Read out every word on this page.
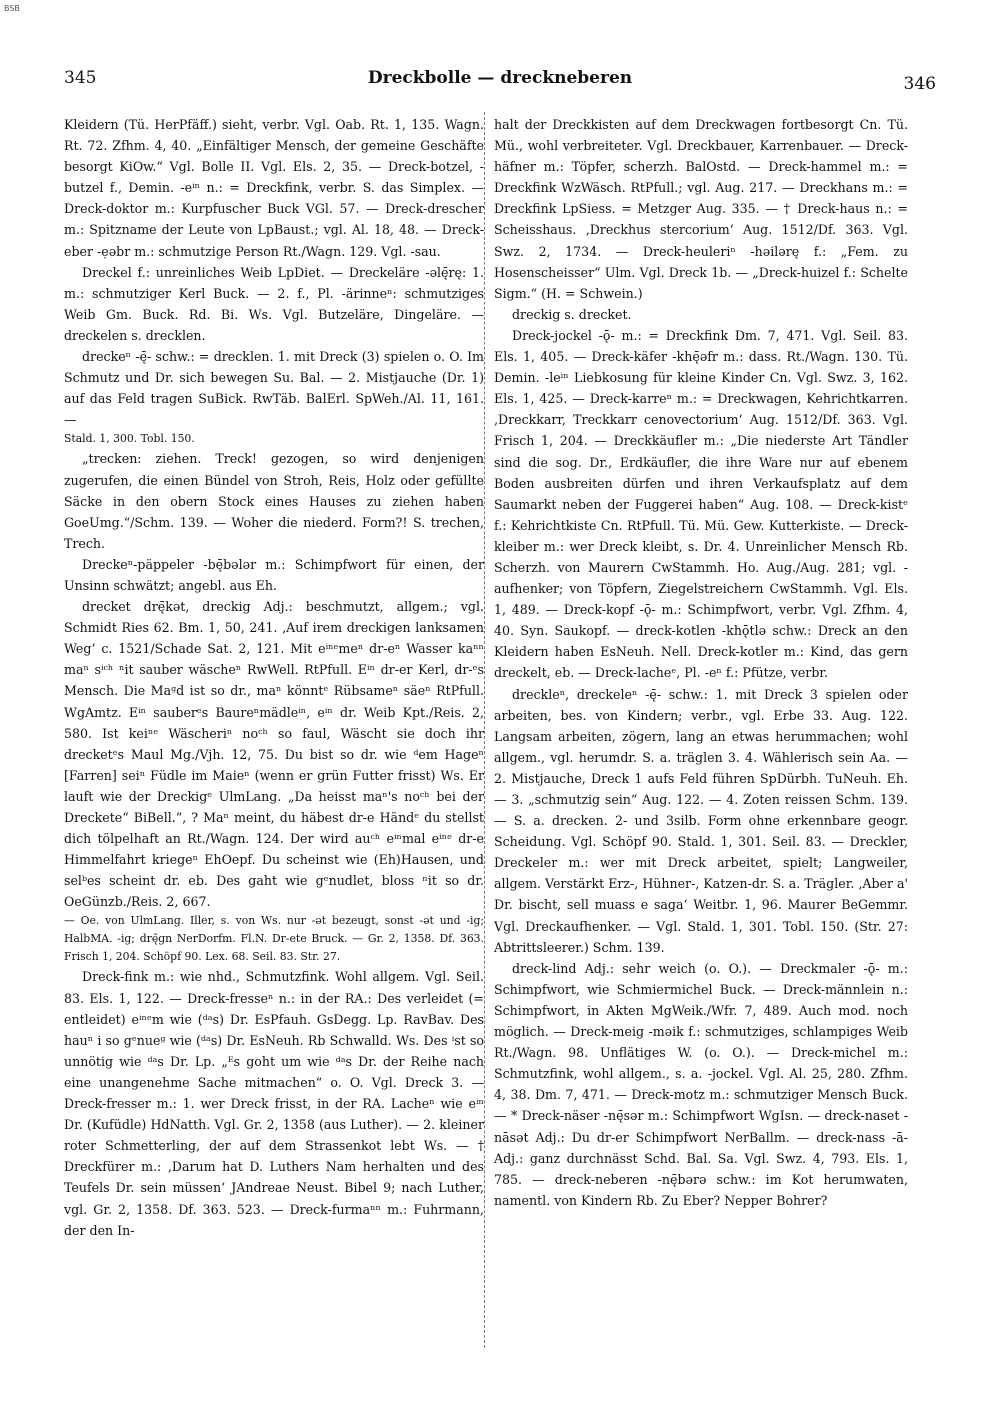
BSB
345	Dreckbolle — dreckneberen	346

Kleidern (Tü. HerPfäff.) sieht, verbr. Vgl. Oab. Rt. 1, 135. Wagn. Rt. 72. Zfhm. 4, 40. „Einfältiger Mensch, der gemeine Geschäfte besorgt KiOw.“ Vgl. Bolle II. Vgl. Els. 2, 35. — Dreck-botzel, -butzel f., Demin. -eⁱⁿ n.: = Dreckfink, verbr. S. das Simplex. — Dreck-doktor m.: Kurpfuscher Buck VGl. 57. — Dreck-drescher m.: Spitzname der Leute von LpBaust.; vgl. Al. 18, 48. — Dreck-eber -ẹəbr m.: schmutzige Person Rt./Wagn. 129. Vgl. -sau.

Dreckel f.: unreinliches Weib LpDiet. — Dreckeläre -əlę̄rę: 1. m.: schmutziger Kerl Buck. — 2. f., Pl. -ärinneⁿ: schmutziges Weib Gm. Buck. Rd. Bi. Ws. Vgl. Butzeläre, Dingeläre. — dreckelen s. drecklen.

dreckeⁿ -ę̄- schw.: = drecklen. 1. mit Dreck (3) spielen o. O. Im Schmutz und Dr. sich bewegen Su. Bal. — 2. Mistjauche (Dr. 1) auf das Feld tragen SuBick. RwTäb. BalErl. SpWeh./Al. 11, 161. —

Stald. 1, 300. Tobl. 150.

„trecken: ziehen. Treck! gezogen, so wird denjenigen zugerufen, die einen Bündel von Stroh, Reis, Holz oder gefüllte Säcke in den obern Stock eines Hauses zu ziehen haben GoeUmg.“/Schm. 139. — Woher die niederd. Form?! S. trechen, Trech.

Dreckeⁿ-päppeler -bę̄bələr m.: Schimpfwort für einen, der Unsinn schwätzt; angebl. aus Eh.

drecket drę̄kət, dreckig Adj.: beschmutzt, allgem.; vgl. Schmidt Ries 62. Bm. 1, 50, 241. ‚Auf irem dreckigen lanksamen Weg‘ c. 1521/Schade Sat. 2, 121. Mit eⁱⁿᵉmeⁿ dr-eⁿ Wasser kaⁿⁿ maⁿ sⁱᶜʰ ⁿit sauber wäscheⁿ RwWell. RtPfull. Eⁱⁿ dr-er Kerl, dr-ᵉs Mensch. Die Maᵍd ist so dr., maⁿ könntᵉ Rübsameⁿ säeⁿ RtPfull. WgAmtz. Eⁱⁿ sauberᵉs Baureⁿmädleⁱⁿ, eⁱⁿ dr. Weib Kpt./Reis. 2, 580. Ist keiⁿᵉ Wäscheriⁿ noᶜʰ so faul, Wäscht sie doch ihr drecketᵉs Maul Mg./Vjh. 12, 75. Du bist so dr. wie ᵈem Hageⁿ [Farren] seiⁿ Füdle im Maieⁿ (wenn er grün Futter frisst) Ws. Er lauft wie der Dreckigᵉ UlmLang. „Da heisst maⁿ's noᶜʰ bei der Dreckete“ BiBell.“, ? Maⁿ meint, du häbest dr-e Händᵉ du stellst dich tölpelhaft an Rt./Wagn. 124. Der wird auᶜʰ eⁱⁿmal eⁱⁿᵉ dr-e Himmelfahrt kriegeⁿ EhOepf. Du scheinst wie (Eh)Hausen, und selᵇes scheint dr. eb. Des gaht wie gᵉnudlet, bloss ⁿit so dr. OeGünzb./Reis. 2, 667.

— Oe. von UlmLang. Iller, s. von Ws. nur -ət bezeugt, sonst -ət und -ig; HalbMA. -ig; drę̄gn NerDorfm. Fl.N. Dr-ete Bruck. — Gr. 2, 1358. Df. 363. Frisch 1, 204. Schöpf 90. Lex. 68. Seil. 83. Str. 27.

Dreck-fink m.: wie nhd., Schmutzfink. Wohl allgem. Vgl. Seil. 83. Els. 1, 122. — Dreck-fresseⁿ n.: in der RA.: Des verleidet (= entleidet) eⁱⁿᵉm wie (ᵈᵃs) Dr. EsPfauh. GsDegg. Lp. RavBav. Des hauⁿ i so gᵉnueᵍ wie (ᵈᵃs) Dr. EsNeuh. Rb Schwalld. Ws. Des ⁱst so unnötig wie ᵈᵃs Dr. Lp. „ᴱs goht um wie ᵈᵃs Dr. der Reihe nach eine unangenehme Sache mitmachen“ o. O. Vgl. Dreck 3. — Dreck-fresser m.: 1. wer Dreck frisst, in der RA. Lacheⁿ wie eⁱⁿ Dr. (Kufüdle) HdNatth. Vgl. Gr. 2, 1358 (aus Luther). — 2. kleiner roter Schmetterling, der auf dem Strassenkot lebt Ws. — † Dreckfürer m.: ‚Darum hat D. Luthers Nam herhalten und des Teufels Dr. sein müssen‘ JAndreae Neust. Bibel 9; nach Luther, vgl. Gr. 2, 1358. Df. 363. 523. — Dreck-furmaⁿⁿ m.: Fuhrmann, der den In-

halt der Dreckkisten auf dem Dreckwagen fortbesorgt Cn. Tü. Mü., wohl verbreiteter. Vgl. Dreckbauer, Karrenbauer. — Dreck-häfner m.: Töpfer, scherzh. BalOstd. — Dreck-hammel m.: = Dreckfink WzWäsch. RtPfull.; vgl. Aug. 217. — Dreckhans m.: = Dreckfink LpSiess. = Metzger Aug. 335. — † Dreck-haus n.: = Scheisshaus. ‚Dreckhus stercorium‘ Aug. 1512/Df. 363. Vgl. Swz. 2, 1734. — Dreck-heuleriⁿ -həilərę f.: „Fem. zu Hosenscheisser“ Ulm. Vgl. Dreck 1b. — „Dreck-huizel f.: Schelte Sigm.“ (H. = Schwein.)

dreckig s. drecket.

Dreck-jockel -ǭ- m.: = Dreckfink Dm. 7, 471. Vgl. Seil. 83. Els. 1, 405. — Dreck-käfer -khę̄əfr m.: dass. Rt./Wagn. 130. Tü. Demin. -leⁱⁿ Liebkosung für kleine Kinder Cn. Vgl. Swz. 3, 162. Els. 1, 425. — Dreck-karreⁿ m.: = Dreckwagen, Kehrichtkarren. ‚Dreckkarr, Treckkarr cenovectorium‘ Aug. 1512/Df. 363. Vgl. Frisch 1, 204. — Dreckkäufler m.: „Die niederste Art Tändler sind die sog. Dr., Erdkäufler, die ihre Ware nur auf ebenem Boden ausbreiten dürfen und ihren Verkaufsplatz auf dem Saumarkt neben der Fuggerei haben“ Aug. 108. — Dreck-kistᵉ f.: Kehrichtkiste Cn. RtPfull. Tü. Mü. Gew. Kutterkiste. — Dreck-kleiber m.: wer Dreck kleibt, s. Dr. 4. Unreinlicher Mensch Rb. Scherzh. von Maurern CwStammh. Ho. Aug./Aug. 281; vgl. -aufhenker; von Töpfern, Ziegelstreichern CwStammh. Vgl. Els. 1, 489. — Dreck-kopf -ǭ- m.: Schimpfwort, verbr. Vgl. Zfhm. 4, 40. Syn. Saukopf. — dreck-kotlen -khǭtlə schw.: Dreck an den Kleidern haben EsNeuh. Nell. Dreck-kotler m.: Kind, das gern dreckelt, eb. — Dreck-lacheᵉ, Pl. -eⁿ f.: Pfütze, verbr.

dreckleⁿ, dreckeleⁿ -ę̄- schw.: 1. mit Dreck 3 spielen oder arbeiten, bes. von Kindern; verbr., vgl. Erbe 33. Aug. 122. Langsam arbeiten, zögern, lang an etwas herummachen; wohl allgem., vgl. herumdr. S. a. träglen 3. 4. Wählerisch sein Aa. — 2. Mistjauche, Dreck 1 aufs Feld führen SpDürbh. TuNeuh. Eh. — 3. „schmutzig sein“ Aug. 122. — 4. Zoten reissen Schm. 139. — S. a. drecken. 2- und 3silb. Form ohne erkennbare geogr. Scheidung. Vgl. Schöpf 90. Stald. 1, 301. Seil. 83. — Dreckler, Dreckeler m.: wer mit Dreck arbeitet, spielt; Langweiler, allgem. Verstärkt Erz-, Hühner-, Katzen-dr. S. a. Trägler. ‚Aber a' Dr. bischt, sell muass e saga‘ Weitbr. 1, 96. Maurer BeGemmr. Vgl. Dreckaufhenker. — Vgl. Stald. 1, 301. Tobl. 150. (Str. 27: Abtrittsleerer.) Schm. 139.

dreck-lind Adj.: sehr weich (o. O.). — Dreckmaler -ǭ- m.: Schimpfwort, wie Schmiermichel Buck. — Dreck-männlein n.: Schimpfwort, in Akten MgWeik./Wfr. 7, 489. Auch mod. noch möglich. — Dreck-meig -məik f.: schmutziges, schlampiges Weib Rt./Wagn. 98. Unflätiges W. (o. O.). — Dreck-michel m.: Schmutzfink, wohl allgem., s. a. -jockel. Vgl. Al. 25, 280. Zfhm. 4, 38. Dm. 7, 471. — Dreck-motz m.: schmutziger Mensch Buck. — * Dreck-näser -nę̄sər m.: Schimpfwort WgIsn. — dreck-naset -nāsət Adj.: Du dr-er Schimpfwort NerBallm. — dreck-nass -ā- Adj.: ganz durchnässt Schd. Bal. Sa. Vgl. Swz. 4, 793. Els. 1, 785. — dreck-neberen -nę̄bərə schw.: im Kot herumwaten, namentl. von Kindern Rb. Zu Eber? Nepper Bohrer?
